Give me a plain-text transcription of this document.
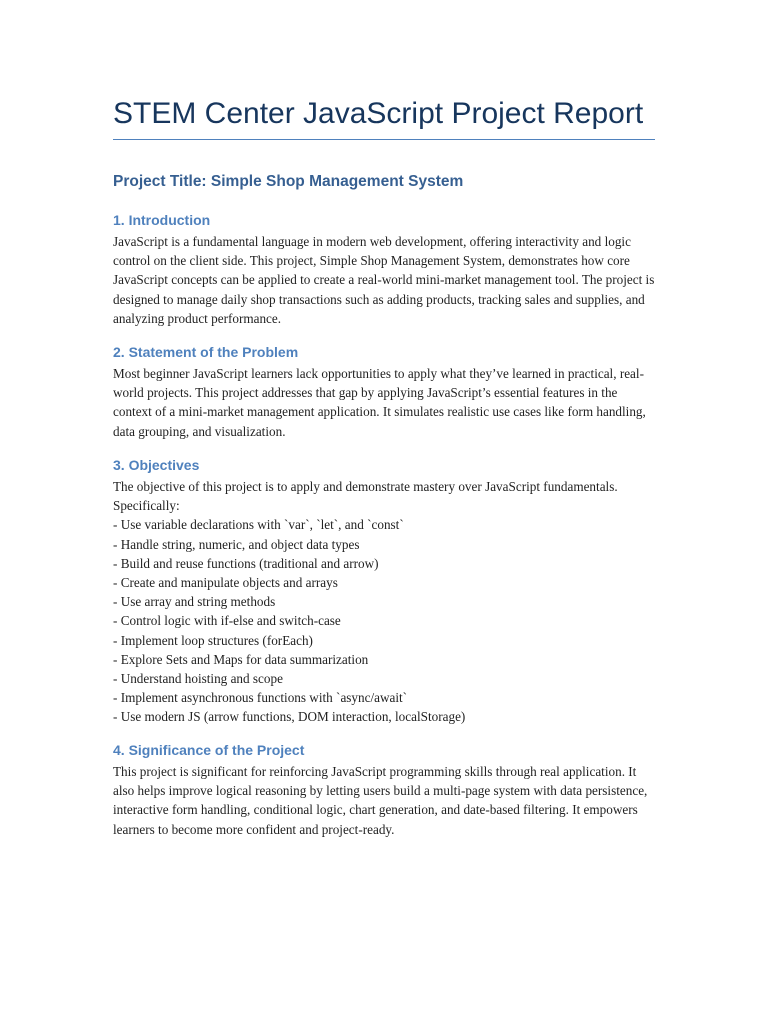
STEM Center JavaScript Project Report
Project Title: Simple Shop Management System
1. Introduction

JavaScript is a fundamental language in modern web development, offering interactivity and logic control on the client side. This project, Simple Shop Management System, demonstrates how core JavaScript concepts can be applied to create a real-world mini-market management tool. The project is designed to manage daily shop transactions such as adding products, tracking sales and supplies, and analyzing product performance.

2. Statement of the Problem

Most beginner JavaScript learners lack opportunities to apply what they’ve learned in practical, real-world projects. This project addresses that gap by applying JavaScript’s essential features in the context of a mini-market management application. It simulates realistic use cases like form handling, data grouping, and visualization.

3. Objectives

The objective of this project is to apply and demonstrate mastery over JavaScript fundamentals. Specifically:

- Use variable declarations with `var`, `let`, and `const`
- Handle string, numeric, and object data types
- Build and reuse functions (traditional and arrow)
- Create and manipulate objects and arrays
- Use array and string methods
- Control logic with if-else and switch-case
- Implement loop structures (forEach)
- Explore Sets and Maps for data summarization
- Understand hoisting and scope
- Implement asynchronous functions with `async/await`
- Use modern JS (arrow functions, DOM interaction, localStorage)
4. Significance of the Project

This project is significant for reinforcing JavaScript programming skills through real application. It also helps improve logical reasoning by letting users build a multi-page system with data persistence, interactive form handling, conditional logic, chart generation, and date-based filtering. It empowers learners to become more confident and project-ready.
